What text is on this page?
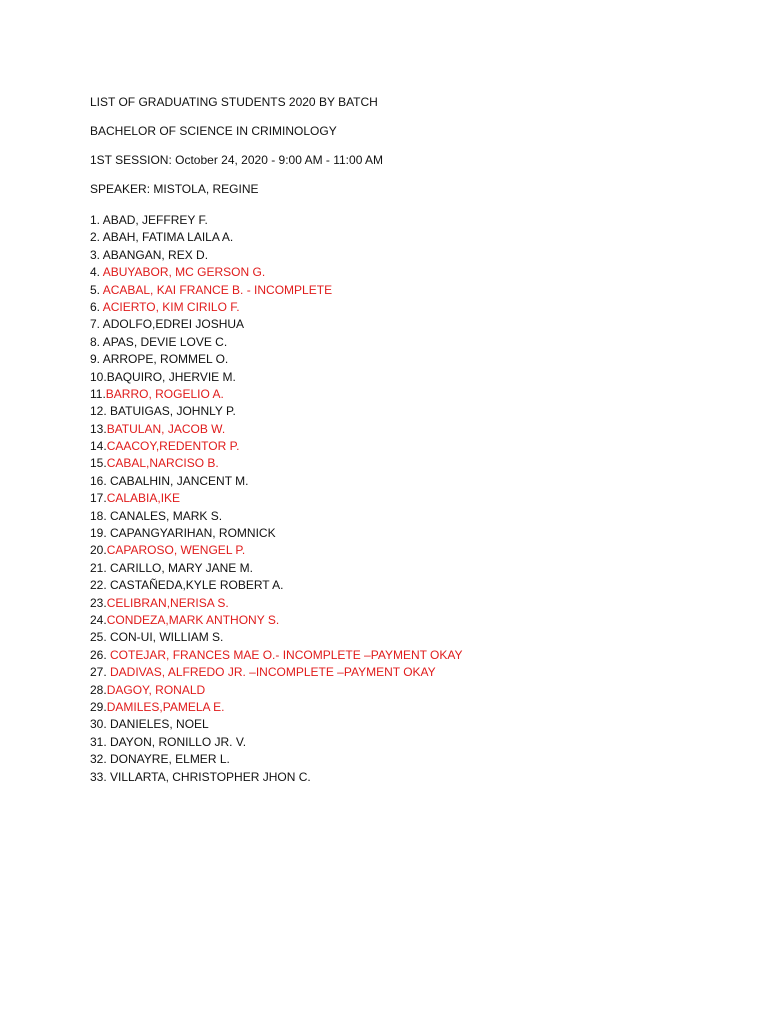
LIST OF GRADUATING STUDENTS 2020 BY BATCH

BACHELOR OF SCIENCE IN CRIMINOLOGY

1ST SESSION: October 24, 2020 - 9:00 AM - 11:00 AM

SPEAKER: MISTOLA, REGINE

1. ABAD, JEFFREY F.
2. ABAH, FATIMA LAILA A.
3. ABANGAN, REX D.
4. ABUYABOR, MC GERSON G.
5. ACABAL, KAI FRANCE B. - INCOMPLETE
6. ACIERTO, KIM CIRILO F.
7. ADOLFO,EDREI JOSHUA
8. APAS, DEVIE LOVE C.
9. ARROPE, ROMMEL O.
10.BAQUIRO, JHERVIE M.
11.BARRO, ROGELIO A.
12. BATUIGAS, JOHNLY P.
13.BATULAN, JACOB W.
14.CAACOY,REDENTOR P.
15.CABAL,NARCISO B.
16. CABALHIN, JANCENT M.
17.CALABIA,IKE
18. CANALES, MARK S.
19. CAPANGYARIHAN, ROMNICK
20.CAPAROSO, WENGEL P.
21. CARILLO, MARY JANE M.
22. CASTAÑEDA,KYLE ROBERT A.
23.CELIBRAN,NERISA S.
24.CONDEZA,MARK ANTHONY S.
25. CON-UI, WILLIAM S.
26. COTEJAR, FRANCES MAE O.- INCOMPLETE –PAYMENT OKAY
27. DADIVAS, ALFREDO JR. –INCOMPLETE –PAYMENT OKAY
28.DAGOY, RONALD
29.DAMILES,PAMELA E.
30. DANIELES, NOEL
31. DAYON, RONILLO JR. V.
32. DONAYRE, ELMER L.
33. VILLARTA, CHRISTOPHER JHON C.
